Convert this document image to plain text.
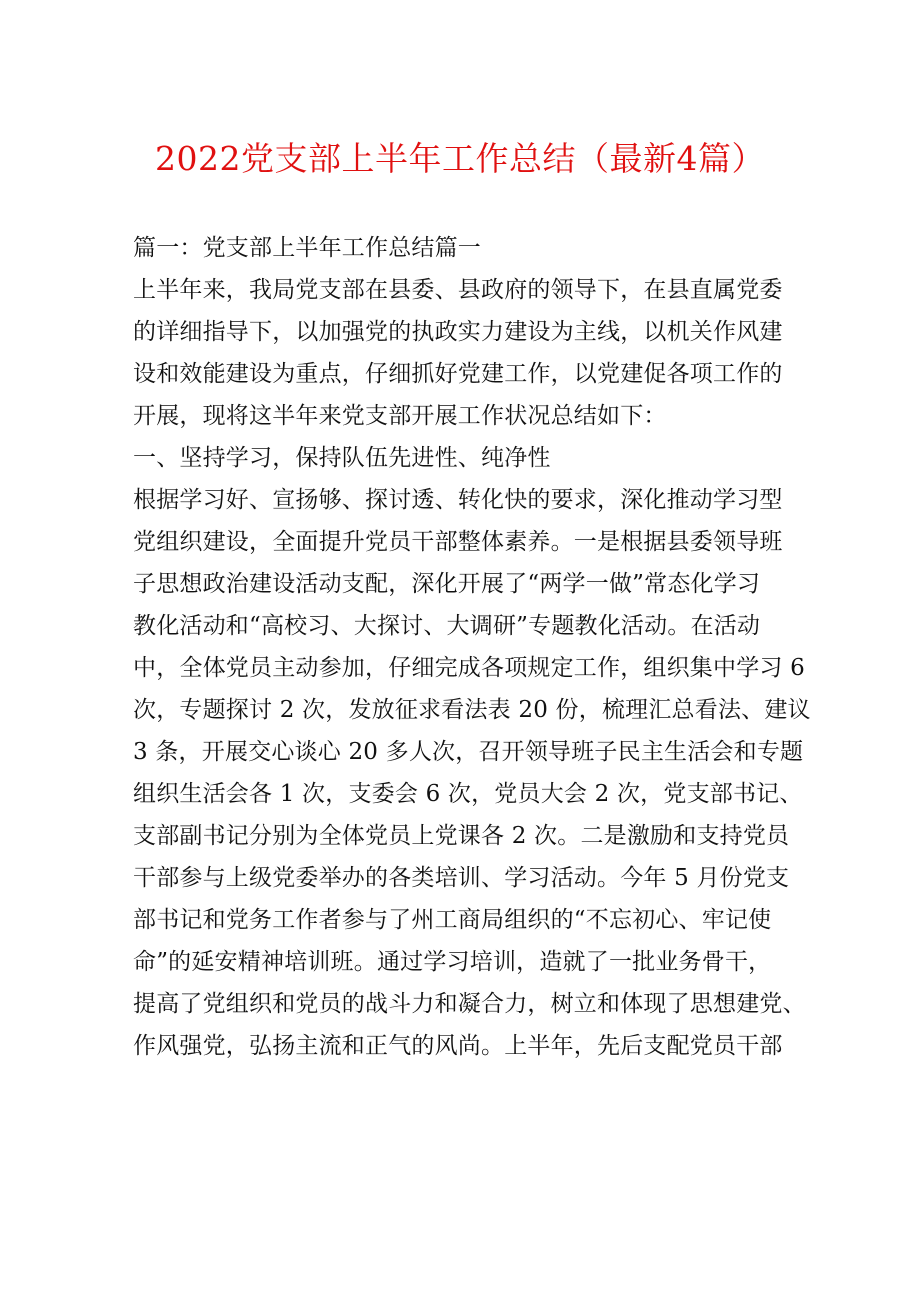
2022党支部上半年工作总结（最新4篇）
篇一：党支部上半年工作总结篇一
上半年来，我局党支部在县委、县政府的领导下，在县直属党委
的详细指导下，以加强党的执政实力建设为主线，以机关作风建
设和效能建设为重点，仔细抓好党建工作，以党建促各项工作的
开展，现将这半年来党支部开展工作状况总结如下：
一、坚持学习，保持队伍先进性、纯净性
根据学习好、宣扬够、探讨透、转化快的要求，深化推动学习型
党组织建设，全面提升党员干部整体素养。一是根据县委领导班
子思想政治建设活动支配，深化开展了“两学一做”常态化学习
教化活动和“高校习、大探讨、大调研”专题教化活动。在活动
中，全体党员主动参加，仔细完成各项规定工作，组织集中学习 6
次，专题探讨 2 次，发放征求看法表 20 份，梳理汇总看法、建议
3 条，开展交心谈心 20 多人次，召开领导班子民主生活会和专题
组织生活会各 1 次，支委会 6 次，党员大会 2 次，党支部书记、
支部副书记分别为全体党员上党课各 2 次。二是激励和支持党员
干部参与上级党委举办的各类培训、学习活动。今年 5 月份党支
部书记和党务工作者参与了州工商局组织的“不忘初心、牢记使
命”的延安精神培训班。通过学习培训，造就了一批业务骨干，
提高了党组织和党员的战斗力和凝合力，树立和体现了思想建党、
作风强党，弘扬主流和正气的风尚。上半年，先后支配党员干部
